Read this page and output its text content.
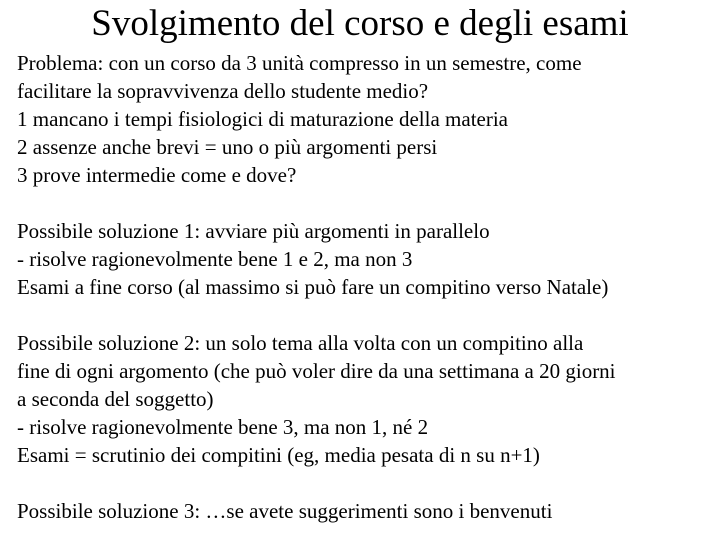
Svolgimento del corso e degli esami
Problema: con un corso da 3 unità compresso in un semestre, come
facilitare la sopravvivenza dello studente medio?
1 mancano i tempi fisiologici di maturazione della materia
2 assenze anche brevi = uno o più argomenti persi
3 prove intermedie come e dove?
Possibile soluzione 1: avviare più argomenti in parallelo
- risolve ragionevolmente bene 1 e 2, ma non 3
Esami a fine corso (al massimo si può fare un compitino verso Natale)
Possibile soluzione 2: un solo tema alla volta con un compitino alla
fine di ogni argomento (che può voler dire da una settimana a 20 giorni
a seconda del soggetto)
- risolve ragionevolmente bene 3, ma non 1, né 2
Esami = scrutinio dei compitini (eg, media pesata di n su n+1)
Possibile soluzione 3: …se avete suggerimenti sono i benvenuti
